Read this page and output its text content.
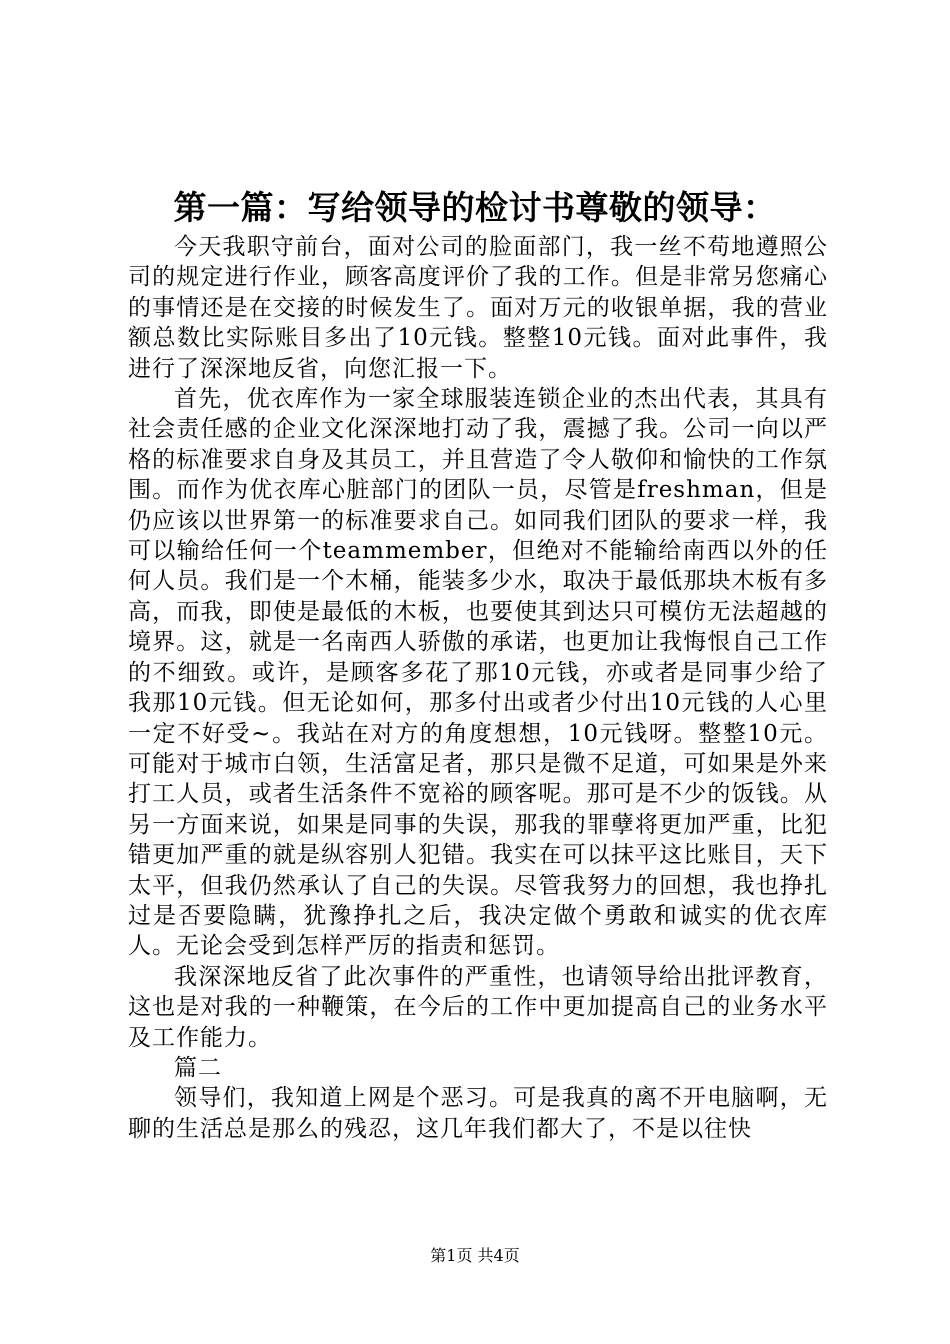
第一篇：写给领导的检讨书尊敬的领导：

今天我职守前台，面对公司的脸面部门，我一丝不苟地遵照公司的规定进行作业，顾客高度评价了我的工作。但是非常另您痛心的事情还是在交接的时候发生了。面对万元的收银单据，我的营业额总数比实际账目多出了10元钱。整整10元钱。面对此事件，我进行了深深地反省，向您汇报一下。

首先，优衣库作为一家全球服装连锁企业的杰出代表，其具有社会责任感的企业文化深深地打动了我，震撼了我。公司一向以严格的标准要求自身及其员工，并且营造了令人敬仰和愉快的工作氛围。而作为优衣库心脏部门的团队一员，尽管是freshman，但是仍应该以世界第一的标准要求自己。如同我们团队的要求一样，我可以输给任何一个teammember，但绝对不能输给南西以外的任何人员。我们是一个木桶，能装多少水，取决于最低那块木板有多高，而我，即使是最低的木板，也要使其到达只可模仿无法超越的境界。这，就是一名南西人骄傲的承诺，也更加让我悔恨自己工作的不细致。或许，是顾客多花了那10元钱，亦或者是同事少给了我那10元钱。但无论如何，那多付出或者少付出10元钱的人心里一定不好受~。我站在对方的角度想想，10元钱呀。整整10元。可能对于城市白领，生活富足者，那只是微不足道，可如果是外来打工人员，或者生活条件不宽裕的顾客呢。那可是不少的饭钱。从另一方面来说，如果是同事的失误，那我的罪孽将更加严重，比犯错更加严重的就是纵容别人犯错。我实在可以抹平这比账目，天下太平，但我仍然承认了自己的失误。尽管我努力的回想，我也挣扎过是否要隐瞒，犹豫挣扎之后，我决定做个勇敢和诚实的优衣库人。无论会受到怎样严厉的指责和惩罚。

我深深地反省了此次事件的严重性，也请领导给出批评教育，这也是对我的一种鞭策，在今后的工作中更加提高自己的业务水平及工作能力。

篇二

领导们，我知道上网是个恶习。可是我真的离不开电脑啊，无聊的生活总是那么的残忍，这几年我们都大了，不是以往快

第1页 共4页
